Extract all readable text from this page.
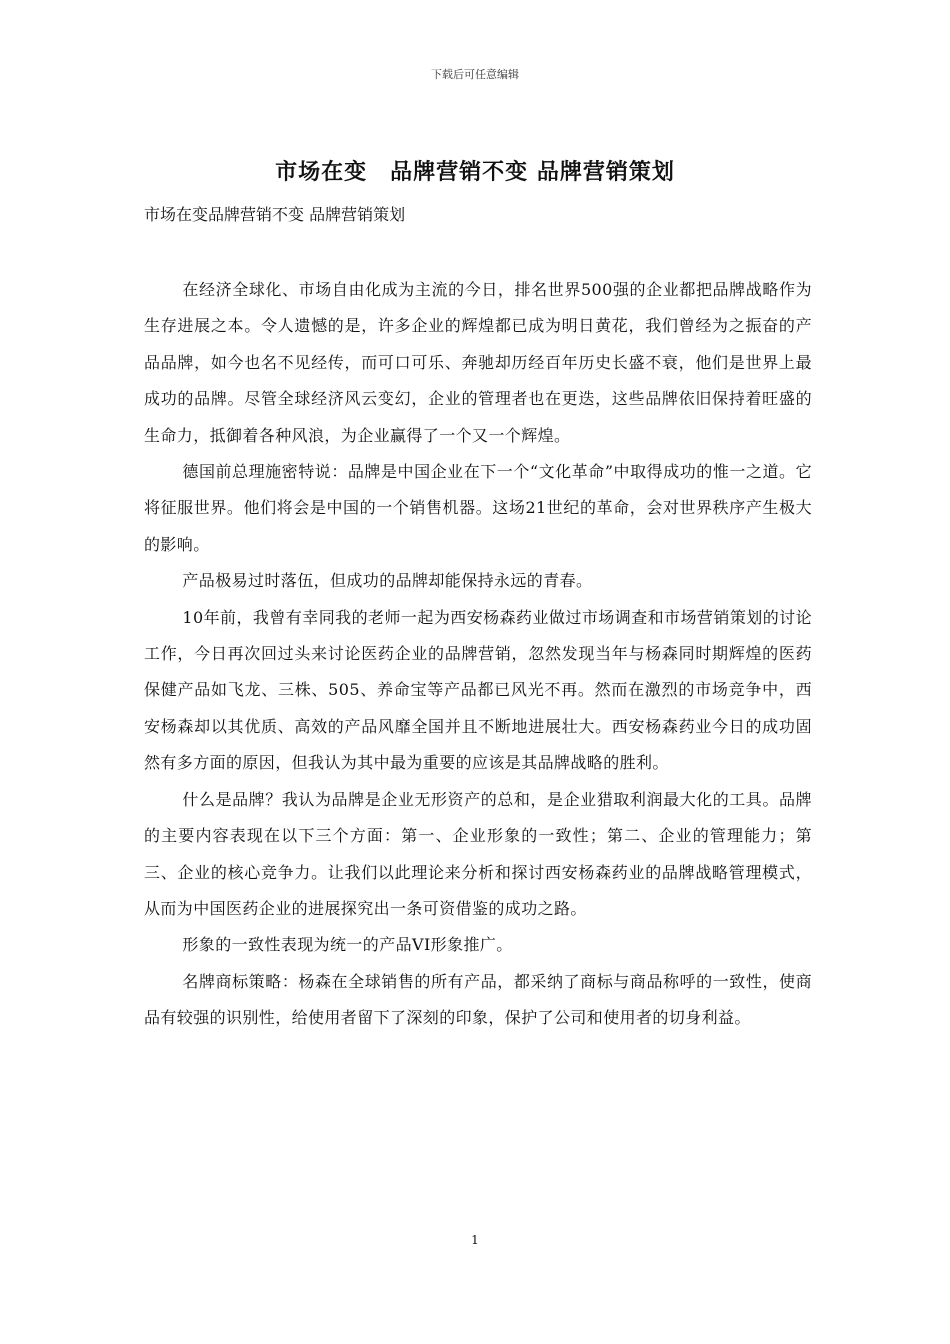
下载后可任意编辑
市场在变　品牌营销不变 品牌营销策划
市场在变品牌营销不变 品牌营销策划

在经济全球化、市场自由化成为主流的今日，排名世界500强的企业都把品牌战略作为生存进展之本。令人遗憾的是，许多企业的辉煌都已成为明日黄花，我们曾经为之振奋的产品品牌，如今也名不见经传，而可口可乐、奔驰却历经百年历史长盛不衰，他们是世界上最成功的品牌。尽管全球经济风云变幻，企业的管理者也在更迭，这些品牌依旧保持着旺盛的生命力，抵御着各种风浪，为企业赢得了一个又一个辉煌。

德国前总理施密特说：品牌是中国企业在下一个“文化革命”中取得成功的惟一之道。它将征服世界。他们将会是中国的一个销售机器。这场21世纪的革命，会对世界秩序产生极大的影响。

产品极易过时落伍，但成功的品牌却能保持永远的青春。

10年前，我曾有幸同我的老师一起为西安杨森药业做过市场调查和市场营销策划的讨论工作，今日再次回过头来讨论医药企业的品牌营销，忽然发现当年与杨森同时期辉煌的医药保健产品如飞龙、三株、505、养命宝等产品都已风光不再。然而在激烈的市场竞争中，西安杨森却以其优质、高效的产品风靡全国并且不断地进展壮大。西安杨森药业今日的成功固然有多方面的原因，但我认为其中最为重要的应该是其品牌战略的胜利。

什么是品牌？我认为品牌是企业无形资产的总和，是企业猎取利润最大化的工具。品牌的主要内容表现在以下三个方面：第一、企业形象的一致性；第二、企业的管理能力；第三、企业的核心竞争力。让我们以此理论来分析和探讨西安杨森药业的品牌战略管理模式，从而为中国医药企业的进展探究出一条可资借鉴的成功之路。

形象的一致性表现为统一的产品VI形象推广。

名牌商标策略：杨森在全球销售的所有产品，都采纳了商标与商品称呼的一致性，使商品有较强的识别性，给使用者留下了深刻的印象，保护了公司和使用者的切身利益。

1
